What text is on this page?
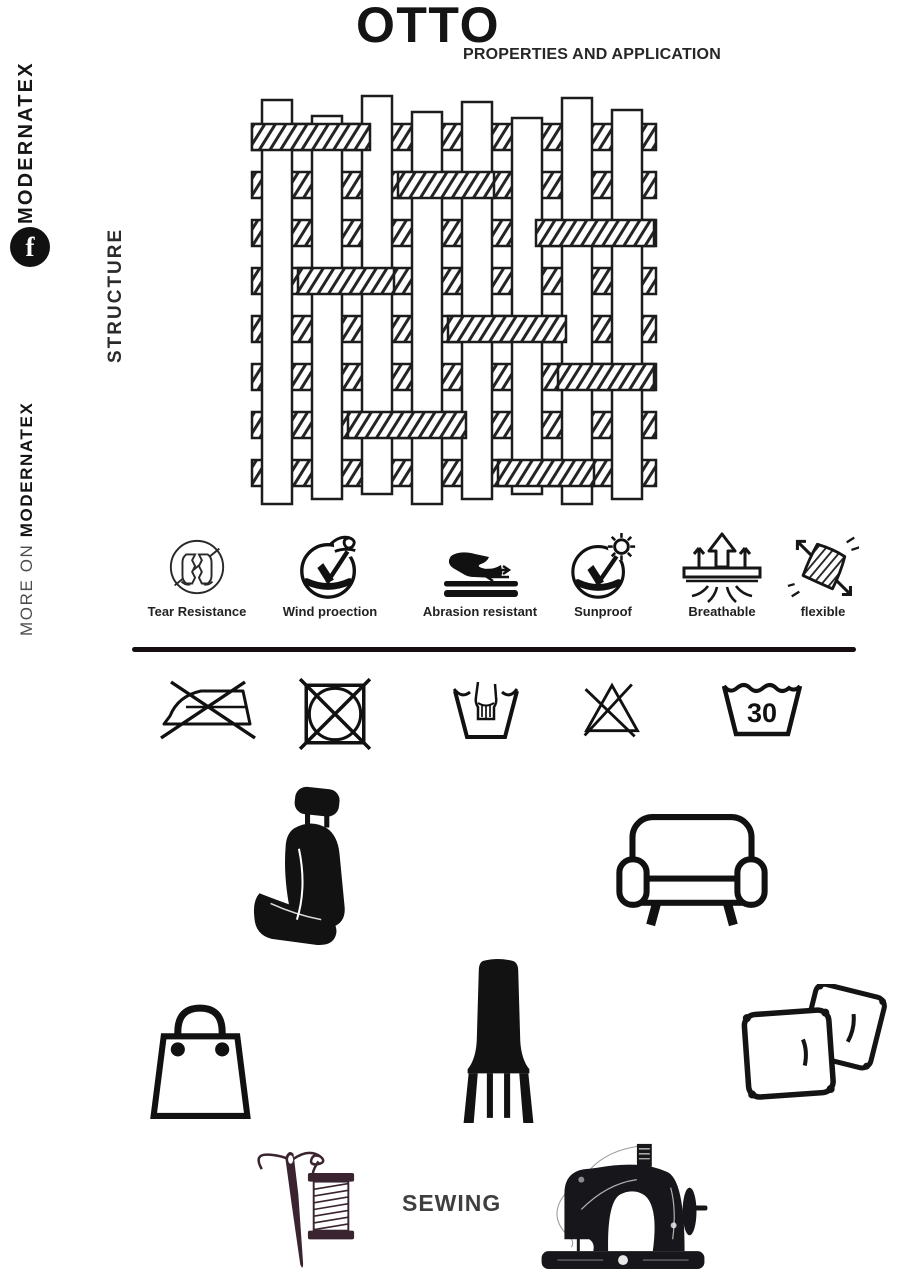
MODERNATEX
f	STRUCTURE
MORE ON MODERNATEX
OTTO
PROPERTIES AND APPLICATION
Tear Resistance	Wind proection	Abrasion resistant	Sunproof	Breathable	flexible
30
SEWING
